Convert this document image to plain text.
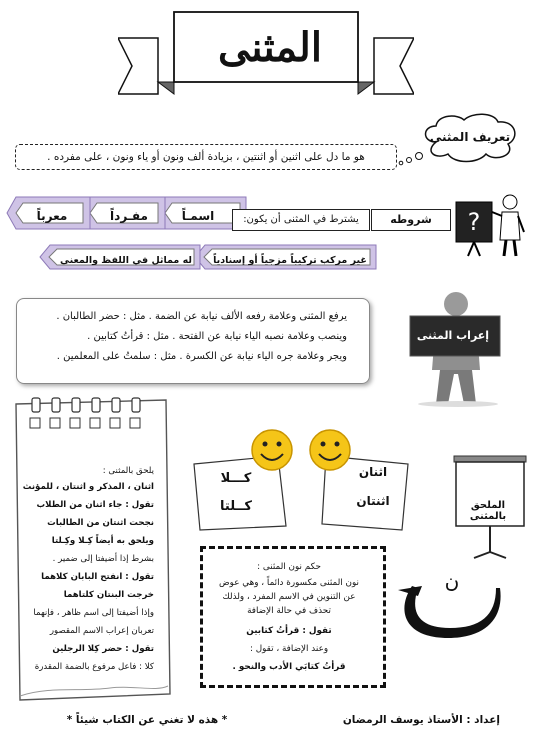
المثنى
تعريف المثنى
هو ما دل على اثنين أو اثنتين ، بزيادة ألف ونون أو ياء ونون ، على مفرده .
شروطه
يشترط في المثنى أن يكون:
اسمـاً
مفـرداً
معرباً
غير مركب تركيباً مزجياً أو إسنادياً
له مماثل في اللفظ والمعنى
?
يرفع المثنى وعلامة رفعه الألف نيابة عن الضمة . مثل : حضر الطالبان .
وينصب وعلامة نصبه الياء نيابة عن الفتحة . مثل : قرأتُ كتابين .
ويجر وعلامة جره الياء نيابة عن الكسرة . مثل : سلمتُ على المعلمين .
إعراب المثنى
يلحق بالمثنى :
اثنان ، المذكر و اثنتان ، للمؤنث
تقول : جاء اثنان من الطلاب
نجحت اثنتان من الطالبات
ويلحق به أيضاً كِـلا وكِـلتا
بشرط إذا أضيفتا إلى ضمير .
تقول : انفتح البابان كلاهما
خرجت البنتان كلتاهما
وإذا أضيفتا إلى اسم ظاهر ، فإنهما
تعربان إعراب الاسم المقصور
تقول : حضر كِلا الرجلين
كلا : فاعل مرفوع بالضمة المقدرة
كـــلا
كــلتا
اثنان
اثنتان	الملحق بالمثنى
حكم نون المثنى :
نون المثنى مكسورة دائماً ، وهي عوض
عن التنوين في الاسم المفرد ، ولذلك
تحذف في حالة الإضافة
تقول : قرأتُ كتابين
وعند الإضافة ، تقول :
قرأتُ كتابَي الأدب والنحو .
ن
إعداد : الأستاذ يوسف الرمضان
* هذه لا تغني عن الكتاب شيئاً *
